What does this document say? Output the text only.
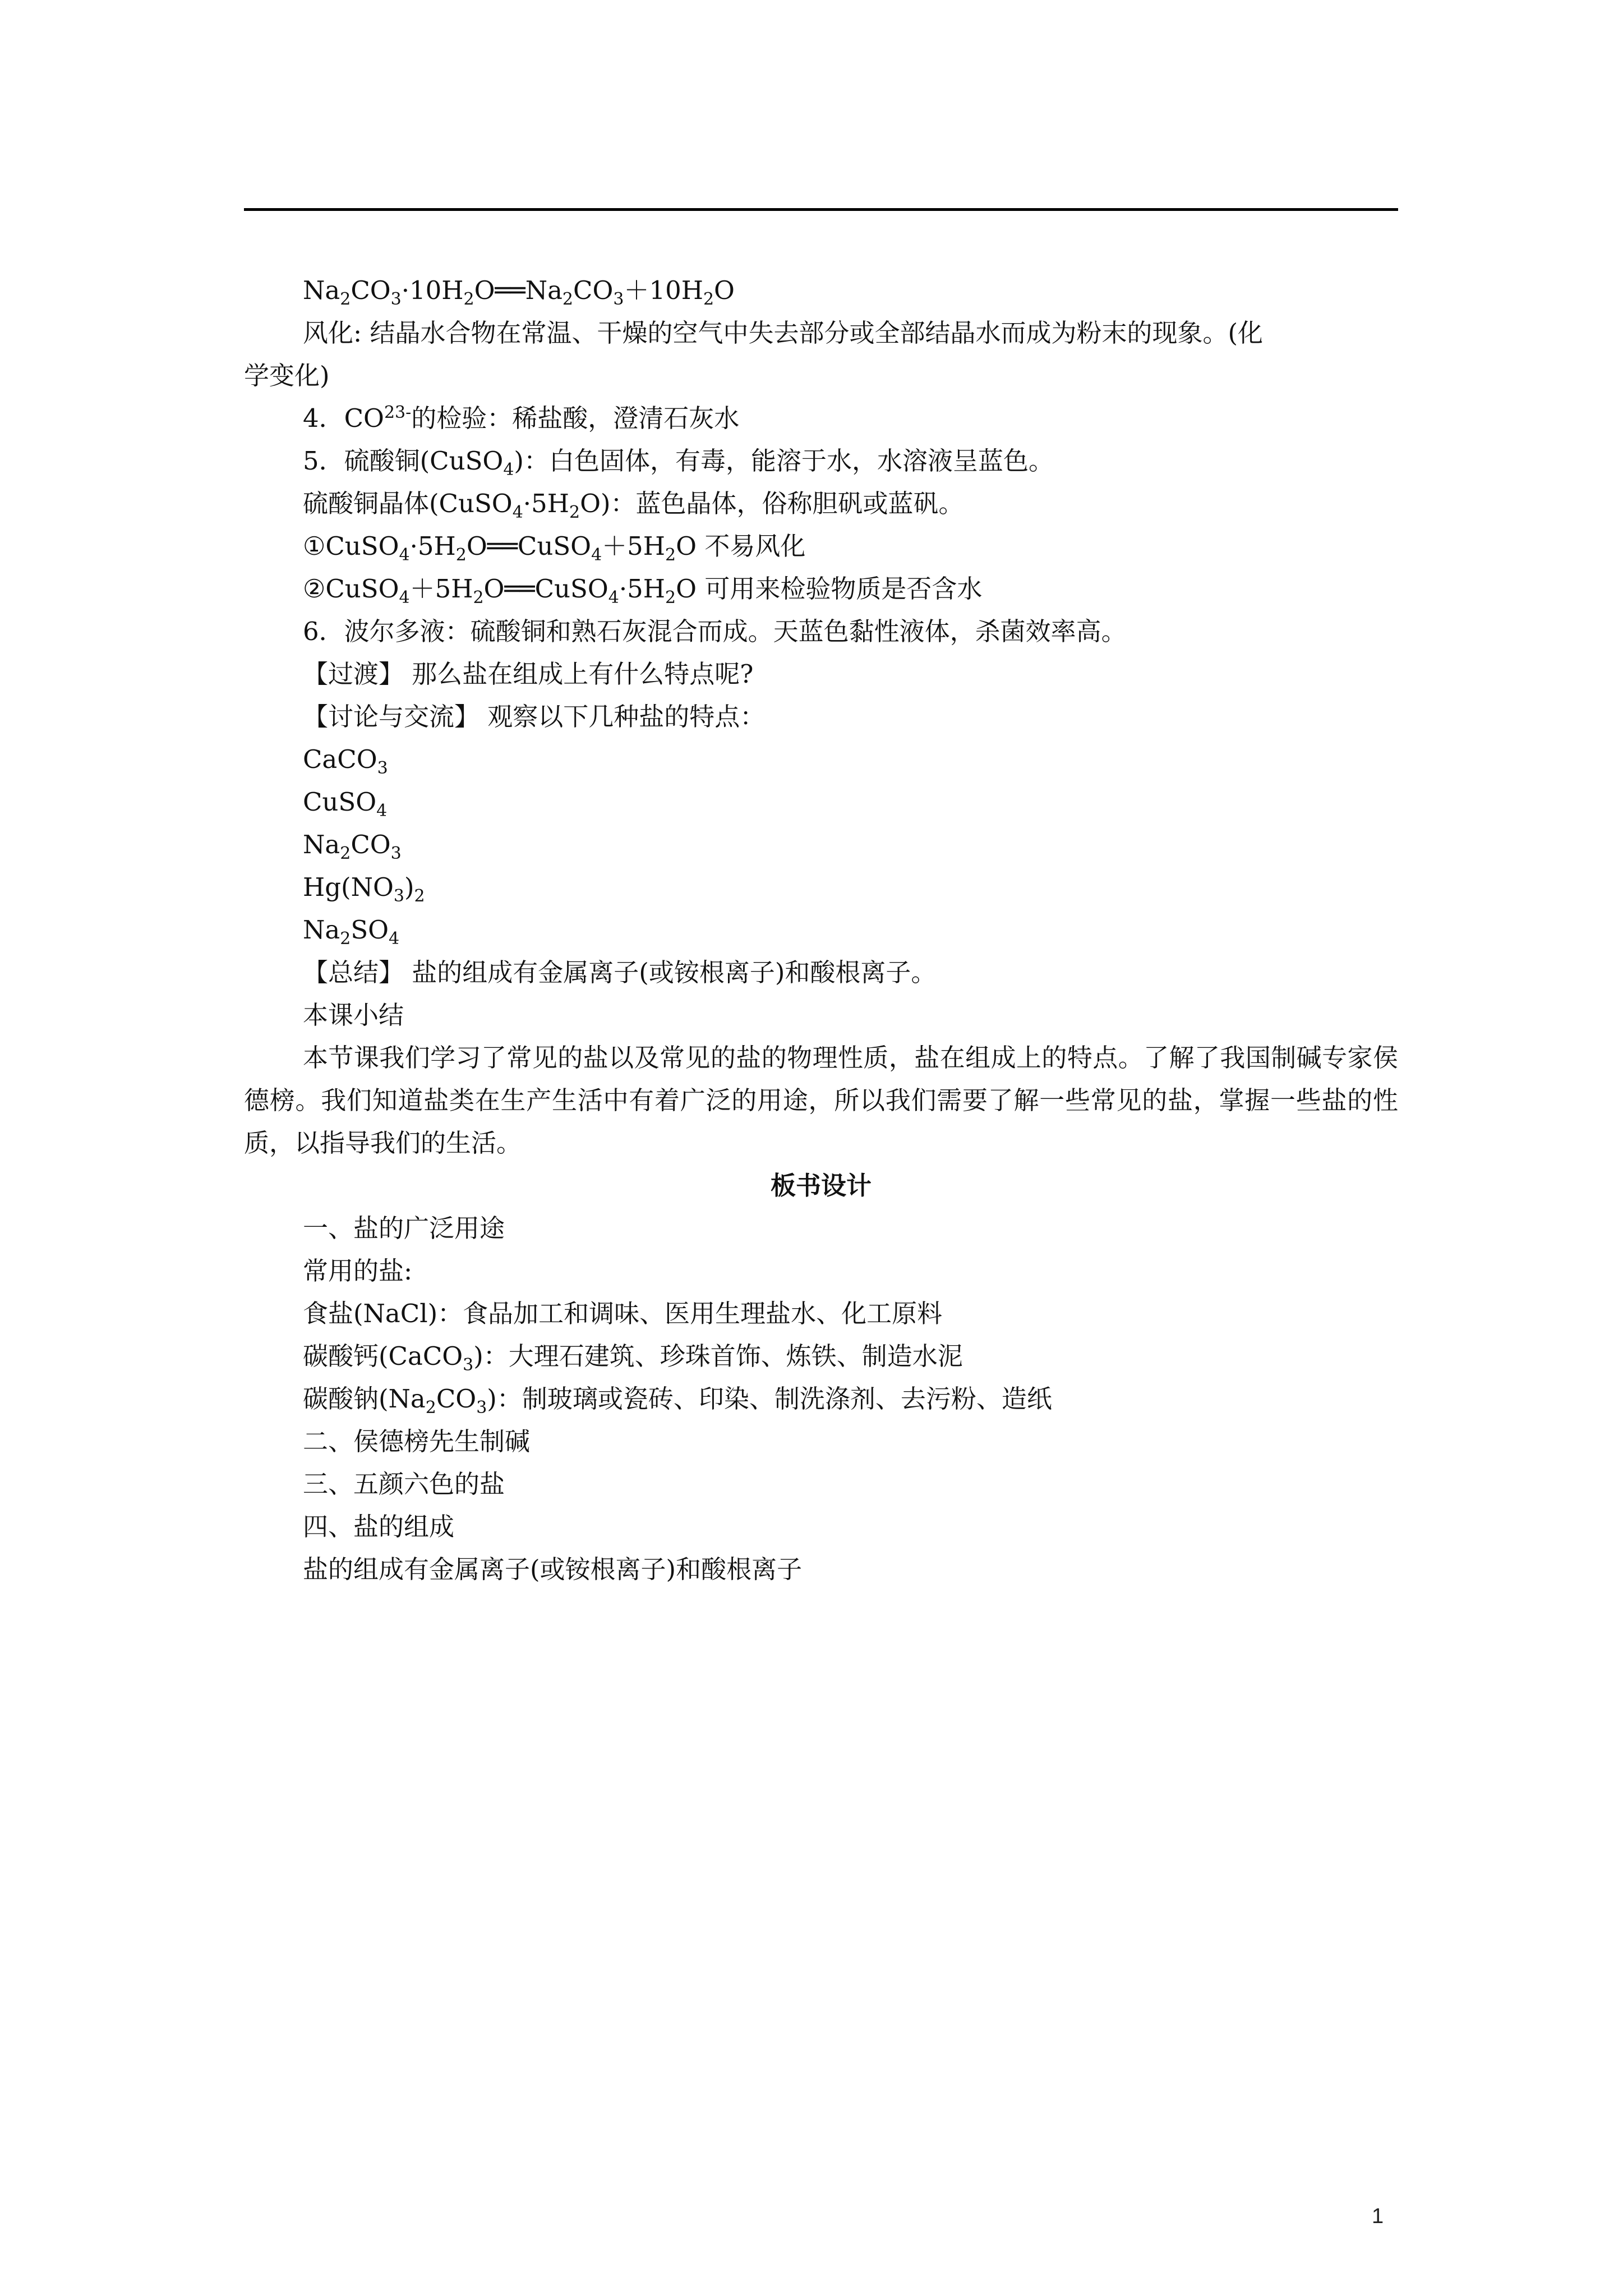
$Na_2CO_3\cdot 10H_2O══Na_2CO_3+10H_2O$

风化: 结晶水合物在常温、干燥的空气中失去部分或全部结晶水而成为粉末的现象。(化

学变化)

4．$CO^{23-}$的检验：稀盐酸，澄清石灰水

5．硫酸铜(CuSO$_4$)：白色固体，有毒，能溶于水，水溶液呈蓝色。

硫酸铜晶体$(CuSO_4\cdot 5H_2O)$：蓝色晶体，俗称胆矾或蓝矾。

$①CuSO_4\cdot 5H_2O══CuSO_4+5H_2O$ 不易风化

$②CuSO_4+5H_2O══CuSO_4\cdot 5H_2O$ 可用来检验物质是否含水

6．波尔多液：硫酸铜和熟石灰混合而成。天蓝色黏性液体，杀菌效率高。

【过渡】 那么盐在组成上有什么特点呢?

【讨论与交流】 观察以下几种盐的特点：

CaCO$_3$

CuSO$_4$

$Na_2CO_3$

$Hg(NO_3)_2$

$Na_2SO_4$

【总结】 盐的组成有金属离子(或铵根离子)和酸根离子。

本课小结

本节课我们学习了常见的盐以及常见的盐的物理性质，盐在组成上的特点。了解了我国制碱专家侯德榜。我们知道盐类在生产生活中有着广泛的用途，所以我们需要了解一些常见的盐，掌握一些盐的性质，以指导我们的生活。

板书设计

一、盐的广泛用途

常用的盐:

食盐(NaCl)：食品加工和调味、医用生理盐水、化工原料

碳酸钙(CaCO$_3$)：大理石建筑、珍珠首饰、炼铁、制造水泥

碳酸钠$(Na_2CO_3)$：制玻璃或瓷砖、印染、制洗涤剂、去污粉、造纸

二、侯德榜先生制碱

三、五颜六色的盐

四、盐的组成

盐的组成有金属离子(或铵根离子)和酸根离子

1
